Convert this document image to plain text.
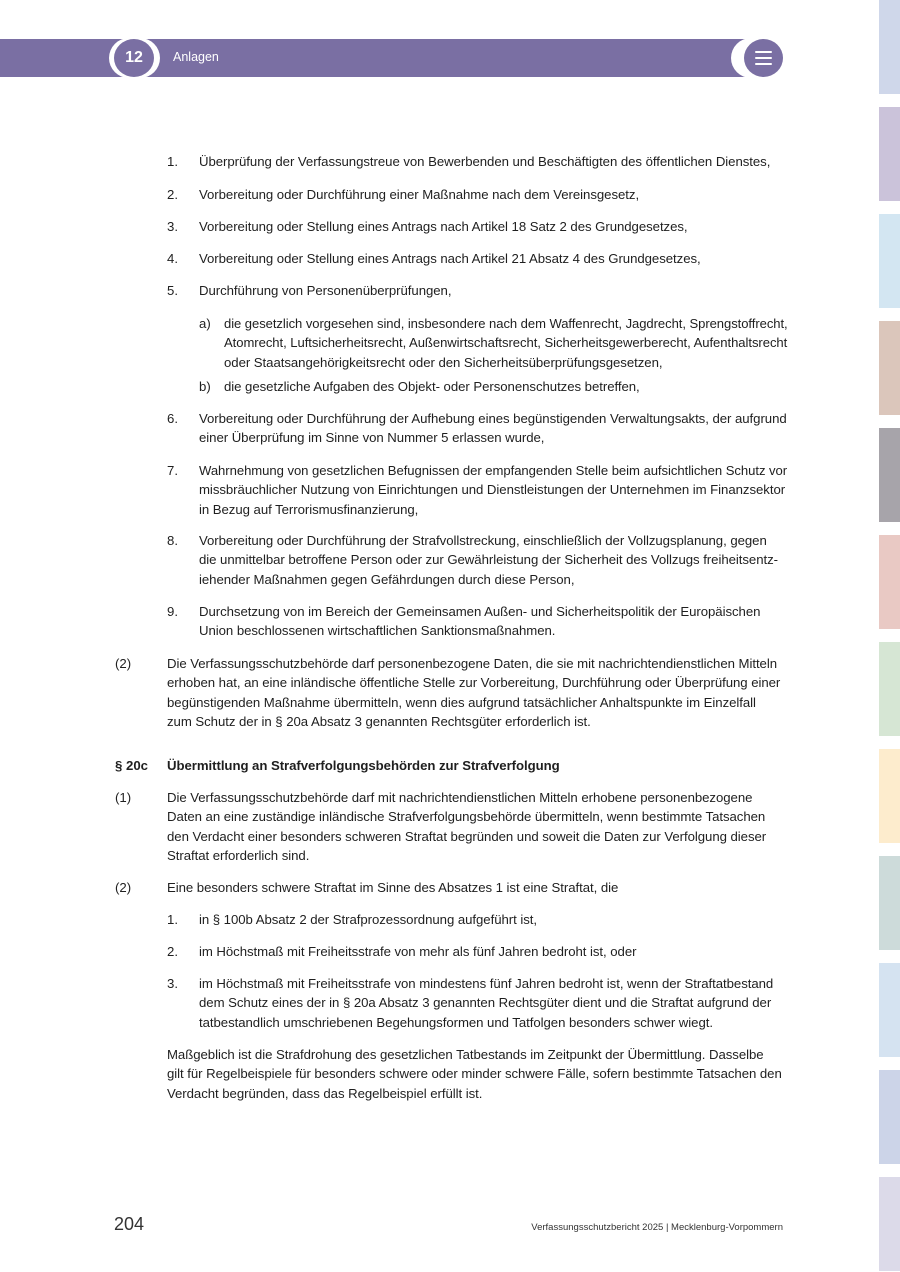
12	Anlagen
1. Überprüfung der Verfassungstreue von Bewerbenden und Beschäftigten des öffentlichen Dienstes,
2. Vorbereitung oder Durchführung einer Maßnahme nach dem Vereinsgesetz,
3. Vorbereitung oder Stellung eines Antrags nach Artikel 18 Satz 2 des Grundgesetzes,
4. Vorbereitung oder Stellung eines Antrags nach Artikel 21 Absatz 4 des Grundgesetzes,
5. Durchführung von Personenüberprüfungen,
a) die gesetzlich vorgesehen sind, insbesondere nach dem Waffenrecht, Jagdrecht, Sprengstoffrecht,
Atomrecht, Luftsicherheitsrecht, Außenwirtschaftsrecht, Sicherheitsgewerberecht, Aufenthaltsrecht
oder Staatsangehörigkeitsrecht oder den Sicherheitsüberprüfungsgesetzen,
b) die gesetzliche Aufgaben des Objekt- oder Personenschutzes betreffen,
6. Vorbereitung oder Durchführung der Aufhebung eines begünstigenden Verwaltungsakts, der aufgrund
einer Überprüfung im Sinne von Nummer 5 erlassen wurde,
7. Wahrnehmung von gesetzlichen Befugnissen der empfangenden Stelle beim aufsichtlichen Schutz vor
missbräuchlicher Nutzung von Einrichtungen und Dienstleistungen der Unternehmen im Finanzsektor
in Bezug auf Terrorismusfinanzierung,
8. Vorbereitung oder Durchführung der Strafvollstreckung, einschließlich der Vollzugsplanung, gegen
die unmittelbar betroffene Person oder zur Gewährleistung der Sicherheit des Vollzugs freiheitsentz-
iehender Maßnahmen gegen Gefährdungen durch diese Person,
9. Durchsetzung von im Bereich der Gemeinsamen Außen- und Sicherheitspolitik der Europäischen
Union beschlossenen wirtschaftlichen Sanktionsmaßnahmen.
(2)	Die Verfassungsschutzbehörde darf personenbezogene Daten, die sie mit nachrichtendienstlichen Mitteln
erhoben hat, an eine inländische öffentliche Stelle zur Vorbereitung, Durchführung oder Überprüfung einer
begünstigenden Maßnahme übermitteln, wenn dies aufgrund tatsächlicher Anhaltspunkte im Einzelfall
zum Schutz der in § 20a Absatz 3 genannten Rechtsgüter erforderlich ist.
§ 20c Übermittlung an Strafverfolgungsbehörden zur Strafverfolgung
(1)	Die Verfassungsschutzbehörde darf mit nachrichtendienstlichen Mitteln erhobene personenbezogene
Daten an eine zuständige inländische Strafverfolgungsbehörde übermitteln, wenn bestimmte Tatsachen
den Verdacht einer besonders schweren Straftat begründen und soweit die Daten zur Verfolgung dieser
Straftat erforderlich sind.
(2)	Eine besonders schwere Straftat im Sinne des Absatzes 1 ist eine Straftat, die
1. in § 100b Absatz 2 der Strafprozessordnung aufgeführt ist,
2. im Höchstmaß mit Freiheitsstrafe von mehr als fünf Jahren bedroht ist, oder
3. im Höchstmaß mit Freiheitsstrafe von mindestens fünf Jahren bedroht ist, wenn der Straftatbestand
dem Schutz eines der in § 20a Absatz 3 genannten Rechtsgüter dient und die Straftat aufgrund der
tatbestandlich umschriebenen Begehungsformen und Tatfolgen besonders schwer wiegt.
Maßgeblich ist die Strafdrohung des gesetzlichen Tatbestands im Zeitpunkt der Übermittlung. Dasselbe
gilt für Regelbeispiele für besonders schwere oder minder schwere Fälle, sofern bestimmte Tatsachen den
Verdacht begründen, dass das Regelbeispiel erfüllt ist.
204	Verfassungsschutzbericht 2025 | Mecklenburg-Vorpommern
